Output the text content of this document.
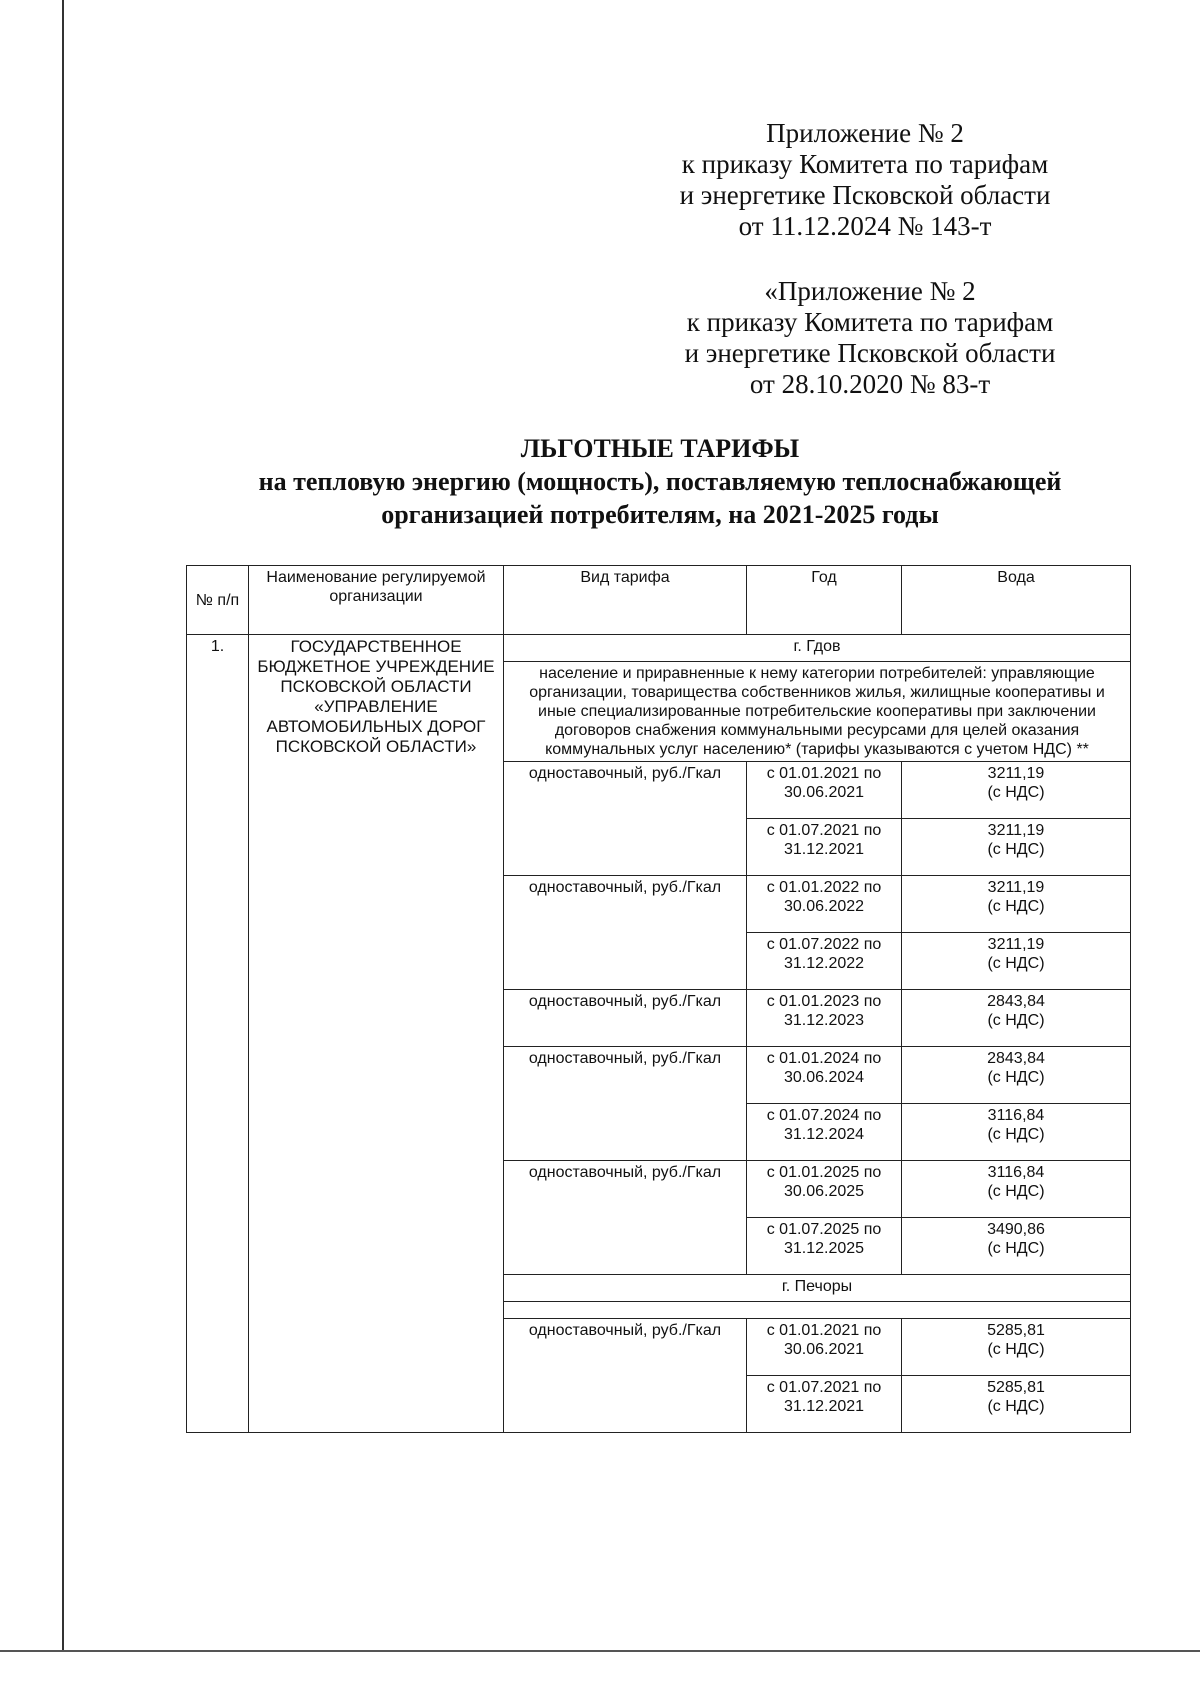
Приложение № 2
к приказу Комитета по тарифам
и энергетике Псковской области
от 11.12.2024 № 143-т
«Приложение № 2
к приказу Комитета по тарифам
и энергетике Псковской области
от 28.10.2020 № 83-т
ЛЬГОТНЫЕ ТАРИФЫ
на тепловую энергию (мощность), поставляемую теплоснабжающей
организацией потребителям, на 2021-2025 годы
№ п/п	Наименование регулируемой организации	Вид тарифа	Год	Вода
1.	ГОСУДАРСТВЕННОЕ БЮДЖЕТНОЕ УЧРЕЖДЕНИЕ ПСКОВСКОЙ ОБЛАСТИ «УПРАВЛЕНИЕ АВТОМОБИЛЬНЫХ ДОРОГ ПСКОВСКОЙ ОБЛАСТИ»	г. Гдов		
		население и приравненные к нему категории потребителей: управляющие организации, товарищества собственников жилья, жилищные кооперативы и иные специализированные потребительские кооперативы при заключении договоров снабжения коммунальными ресурсами для целей оказания коммунальных услуг населению* (тарифы указываются с учетом НДС) **		
		одноставочный, руб./Гкал	с 01.01.2021 по 30.06.2021	3211,19
(с НДС)
			с 01.07.2021 по 31.12.2021	3211,19
(с НДС)
		одноставочный, руб./Гкал	с 01.01.2022 по 30.06.2022	3211,19
(с НДС)
			с 01.07.2022 по 31.12.2022	3211,19
(с НДС)
		одноставочный, руб./Гкал	с 01.01.2023 по 31.12.2023	2843,84
(с НДС)
		одноставочный, руб./Гкал	с 01.01.2024 по 30.06.2024	2843,84
(с НДС)
			с 01.07.2024 по 31.12.2024	3116,84
(с НДС)
		одноставочный, руб./Гкал	с 01.01.2025 по 30.06.2025	3116,84
(с НДС)
			с 01.07.2025 по 31.12.2025	3490,86
(с НДС)
		г. Печоры		

		одноставочный, руб./Гкал	с 01.01.2021 по 30.06.2021	5285,81
(с НДС)
			с 01.07.2021 по 31.12.2021	5285,81
(с НДС)
